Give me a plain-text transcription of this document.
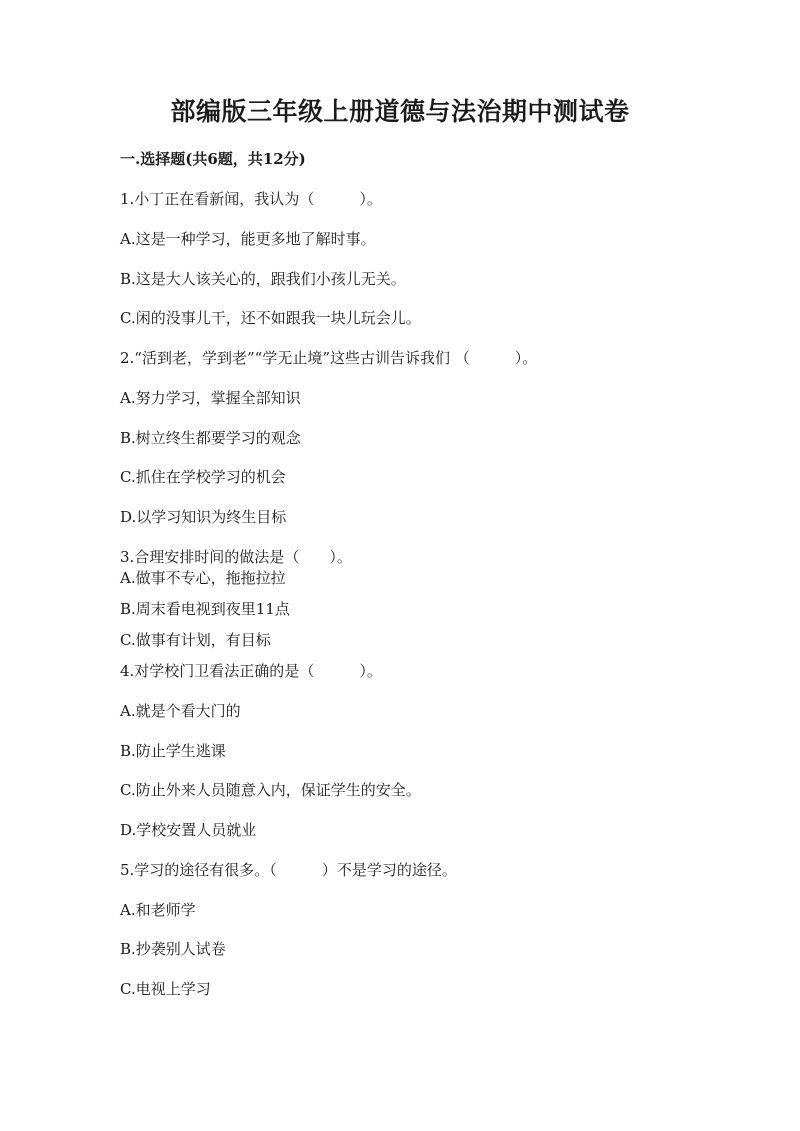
部编版三年级上册道德与法治期中测试卷
一.选择题(共6题，共12分)
1.小丁正在看新闻，我认为（　　　）。
A.这是一种学习，能更多地了解时事。
B.这是大人该关心的，跟我们小孩儿无关。
C.闲的没事儿干，还不如跟我一块儿玩会儿。
2.“活到老，学到老”“学无止境”这些古训告诉我们 （　　　）。
A.努力学习，掌握全部知识
B.树立终生都要学习的观念
C.抓住在学校学习的机会
D.以学习知识为终生目标
3.合理安排时间的做法是（　　）。
A.做事不专心，拖拖拉拉
B.周末看电视到夜里11点
C.做事有计划，有目标
4.对学校门卫看法正确的是（　　　）。
A.就是个看大门的
B.防止学生逃课
C.防止外来人员随意入内，保证学生的安全。
D.学校安置人员就业
5.学习的途径有很多。（　　　）不是学习的途径。
A.和老师学
B.抄袭别人试卷
C.电视上学习
